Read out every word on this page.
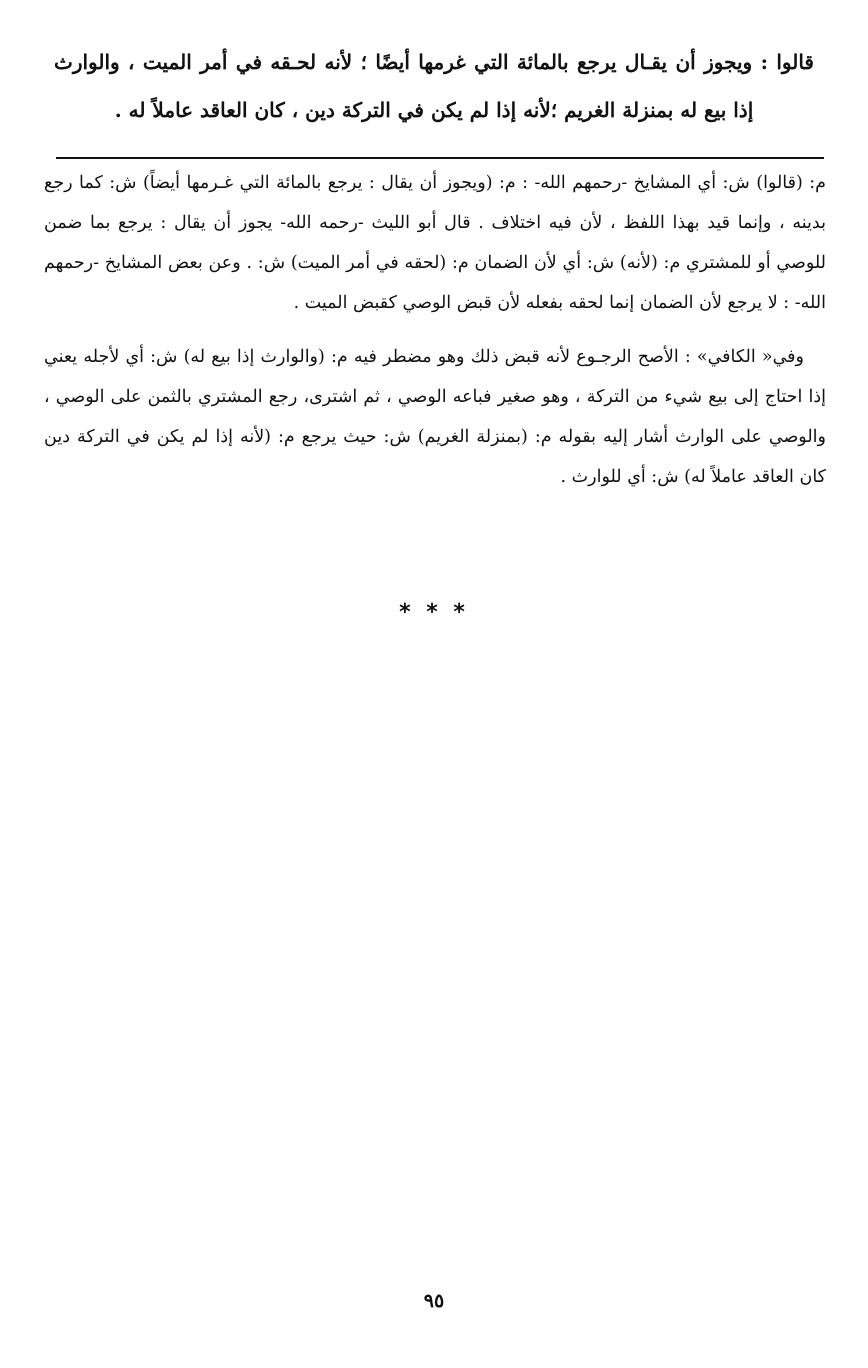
قالوا : ويجوز أن يقـال يرجع بالمائة التي غرمها أيضًا ؛ لأنه لحـقه في أمر الميت ، والوارث إذا بيع له بمنزلة الغريم ؛لأنه إذا لم يكن في التركة دين ، كان العاقد عاملاً له .

م: (قالوا) ش: أي المشايخ -رحمهم الله- : م: (ويجوز أن يقال : يرجع بالمائة التي غـرمها أيضاً) ش: كما رجع بدينه ، وإنما قيد بهذا اللفظ ، لأن فيه اختلاف . قال أبو الليث -رحمه الله- يجوز أن يقال : يرجع بما ضمن للوصي أو للمشتري م: (لأنه) ش: أي لأن الضمان م: (لحقه في أمر الميت) ش: . وعن بعض المشايخ -رحمهم الله- : لا يرجع لأن الضمان إنما لحقه بفعله لأن قبض الوصي كقبض الميت .

وفي« الكافي» : الأصح الرجـوع لأنه قبض ذلك وهو مضطر فيه م: (والوارث إذا بيع له) ش: أي لأجله يعني إذا احتاج إلى بيع شيء من التركة ، وهو صغير فباعه الوصي ، ثم اشترى، رجع المشتري بالثمن على الوصي ، والوصي على الوارث أشار إليه بقوله م: (بمنزلة الغريم) ش: حيث يرجع م: (لأنه إذا لم يكن في التركة دين كان العاقد عاملاً له) ش: أي للوارث .

* * *
٩٥
